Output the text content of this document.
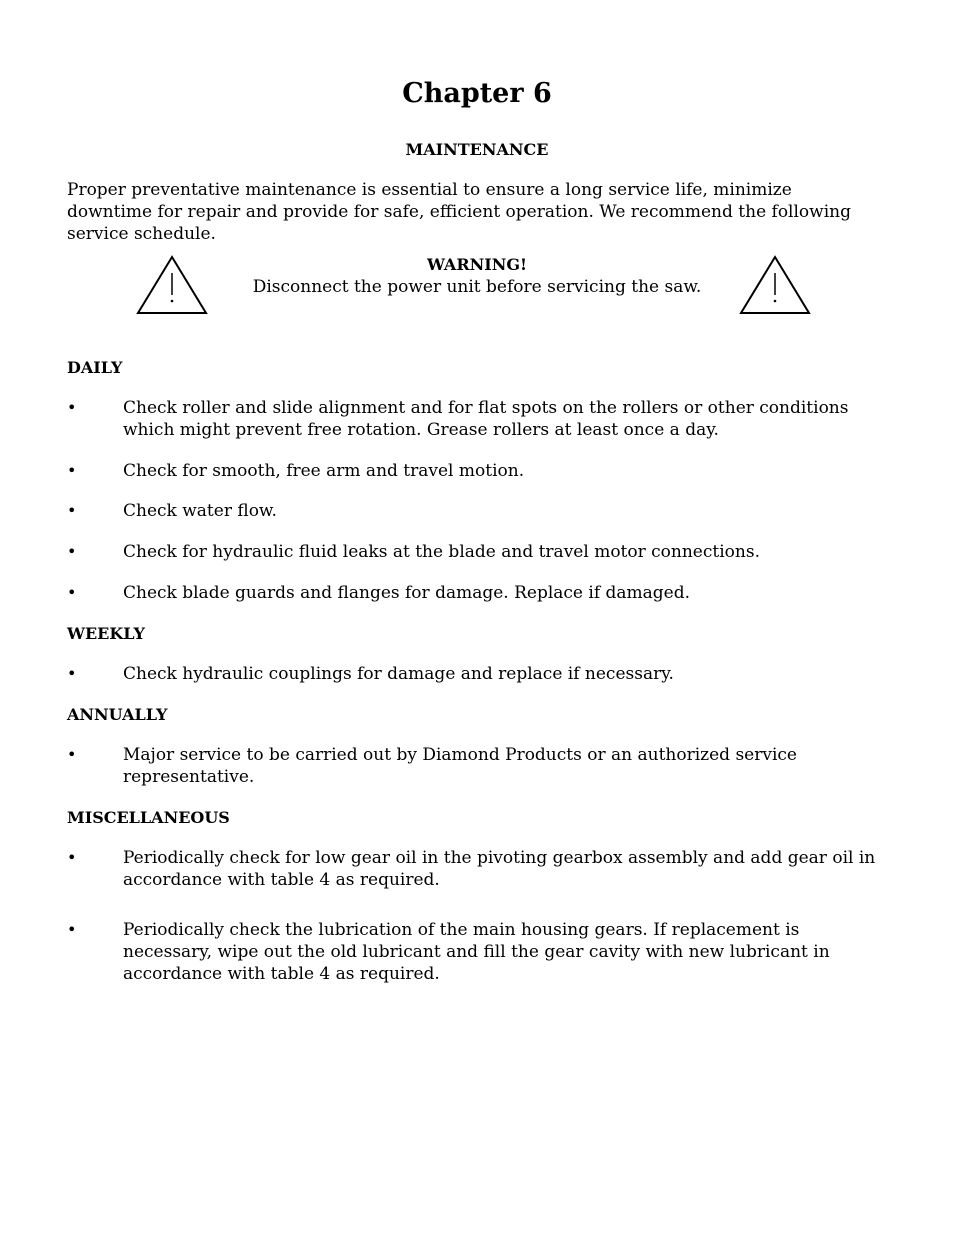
Chapter 6
MAINTENANCE
Proper preventative maintenance is essential to ensure a long service life, minimize downtime for repair and provide for safe, efficient operation. We recommend the following service schedule.
WARNING!
Disconnect the power unit before servicing the saw.
DAILY
•	Check roller and slide alignment and for flat spots on the rollers or other conditions which might prevent free rotation. Grease rollers at least once a day.
•	Check for smooth, free arm and travel motion.
•	Check water flow.
•	Check for hydraulic fluid leaks at the blade and travel motor connections.
•	Check blade guards and flanges for damage. Replace if damaged.
WEEKLY
•	Check hydraulic couplings for damage and replace if necessary.
ANNUALLY
•	Major service to be carried out by Diamond Products or an authorized service representative.
MISCELLANEOUS
•	Periodically check for low gear oil in the pivoting gearbox assembly and add gear oil in accordance with table 4 as required.
•	Periodically check the lubrication of the main housing gears. If replacement is necessary, wipe out the old lubricant and fill the gear cavity with new lubricant in accordance with table 4 as required.
